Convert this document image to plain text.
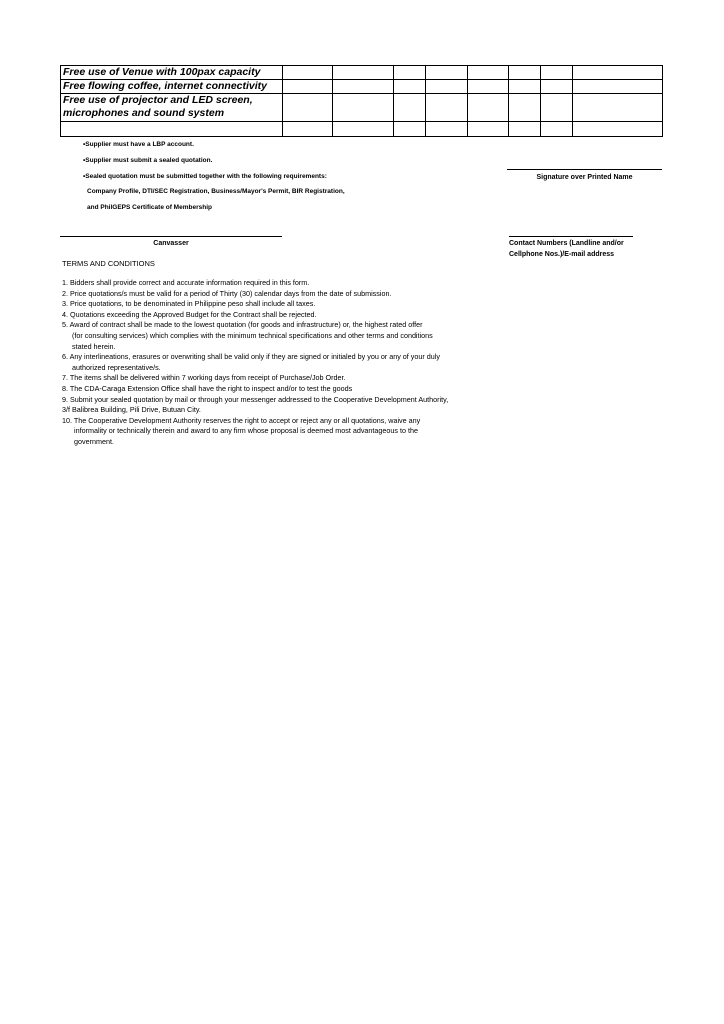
Free use of Venue with 100pax capacity								
Free flowing coffee, internet connectivity								
Free use of projector and LED screen, microphones and sound system								

•Supplier must have a LBP account.
•Supplier must submit a sealed quotation.
•Sealed quotation must be submitted together with the following requirements:
Company Profile, DTI/SEC Registration, Business/Mayor's Permit, BIR Registration,
and PhilGEPS Certificate of Membership
Signature over Printed Name
Canvasser	Contact Numbers (Landline and/or
Cellphone Nos.)/E-mail address
TERMS AND CONDITIONS
1. Bidders shall provide correct and accurate information required in this form.
2. Price quotations/s must be valid for a period of Thirty (30) calendar days from the date of submission.
3. Price quotations, to be denominated in Philippine peso shall include all taxes.
4. Quotations exceeding the Approved Budget for the Contract shall be rejected.
5. Award of contract shall be made to the lowest quotation (for goods and infrastructure) or, the highest rated offer
(for consulting services) which complies with the minimum technical specifications and other terms and conditions
stated herein.
6. Any interlineations, erasures or overwriting shall be valid only if they are signed or initialed by you or any of your duly
authorized representative/s.
7. The items shall be delivered within 7 working days from receipt of Purchase/Job Order.
8. The CDA-Caraga Extension Office shall have the right to inspect and/or to test the goods
9. Submit your sealed quotation by mail or through your messenger addressed to the Cooperative Development Authority,
3/f Balibrea Building, Pili Drive, Butuan City.
10. The Cooperative Development Authority reserves the right to accept or reject any or all quotations, waive any
informality or technically therein and award to any firm whose proposal is deemed most advantageous to the
government.
